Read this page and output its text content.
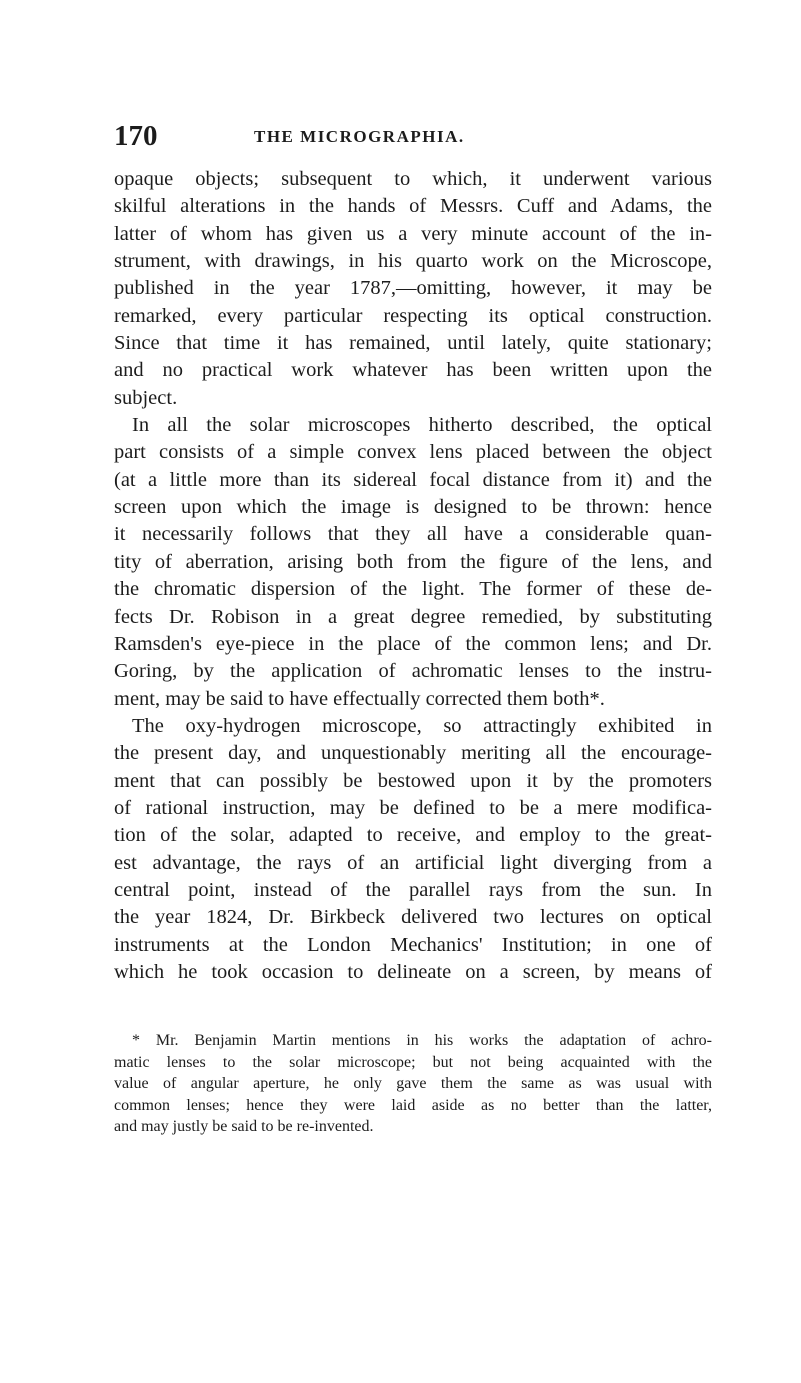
170	THE MICROGRAPHIA.
opaque objects; subsequent to which, it underwent various
skilful alterations in the hands of Messrs. Cuff and Adams, the
latter of whom has given us a very minute account of the in-
strument, with drawings, in his quarto work on the Microscope,
published in the year 1787,—omitting, however, it may be
remarked, every particular respecting its optical construction.
Since that time it has remained, until lately, quite stationary;
and no practical work whatever has been written upon the
subject.
In all the solar microscopes hitherto described, the optical
part consists of a simple convex lens placed between the object
(at a little more than its sidereal focal distance from it) and the
screen upon which the image is designed to be thrown: hence
it necessarily follows that they all have a considerable quan-
tity of aberration, arising both from the figure of the lens, and
the chromatic dispersion of the light. The former of these de-
fects Dr. Robison in a great degree remedied, by substituting
Ramsden's eye-piece in the place of the common lens; and Dr.
Goring, by the application of achromatic lenses to the instru-
ment, may be said to have effectually corrected them both*.
The oxy-hydrogen microscope, so attractingly exhibited in
the present day, and unquestionably meriting all the encourage-
ment that can possibly be bestowed upon it by the promoters
of rational instruction, may be defined to be a mere modifica-
tion of the solar, adapted to receive, and employ to the great-
est advantage, the rays of an artificial light diverging from a
central point, instead of the parallel rays from the sun. In
the year 1824, Dr. Birkbeck delivered two lectures on optical
instruments at the London Mechanics' Institution; in one of
which he took occasion to delineate on a screen, by means of
* Mr. Benjamin Martin mentions in his works the adaptation of achro-
matic lenses to the solar microscope; but not being acquainted with the
value of angular aperture, he only gave them the same as was usual with
common lenses; hence they were laid aside as no better than the latter,
and may justly be said to be re-invented.
